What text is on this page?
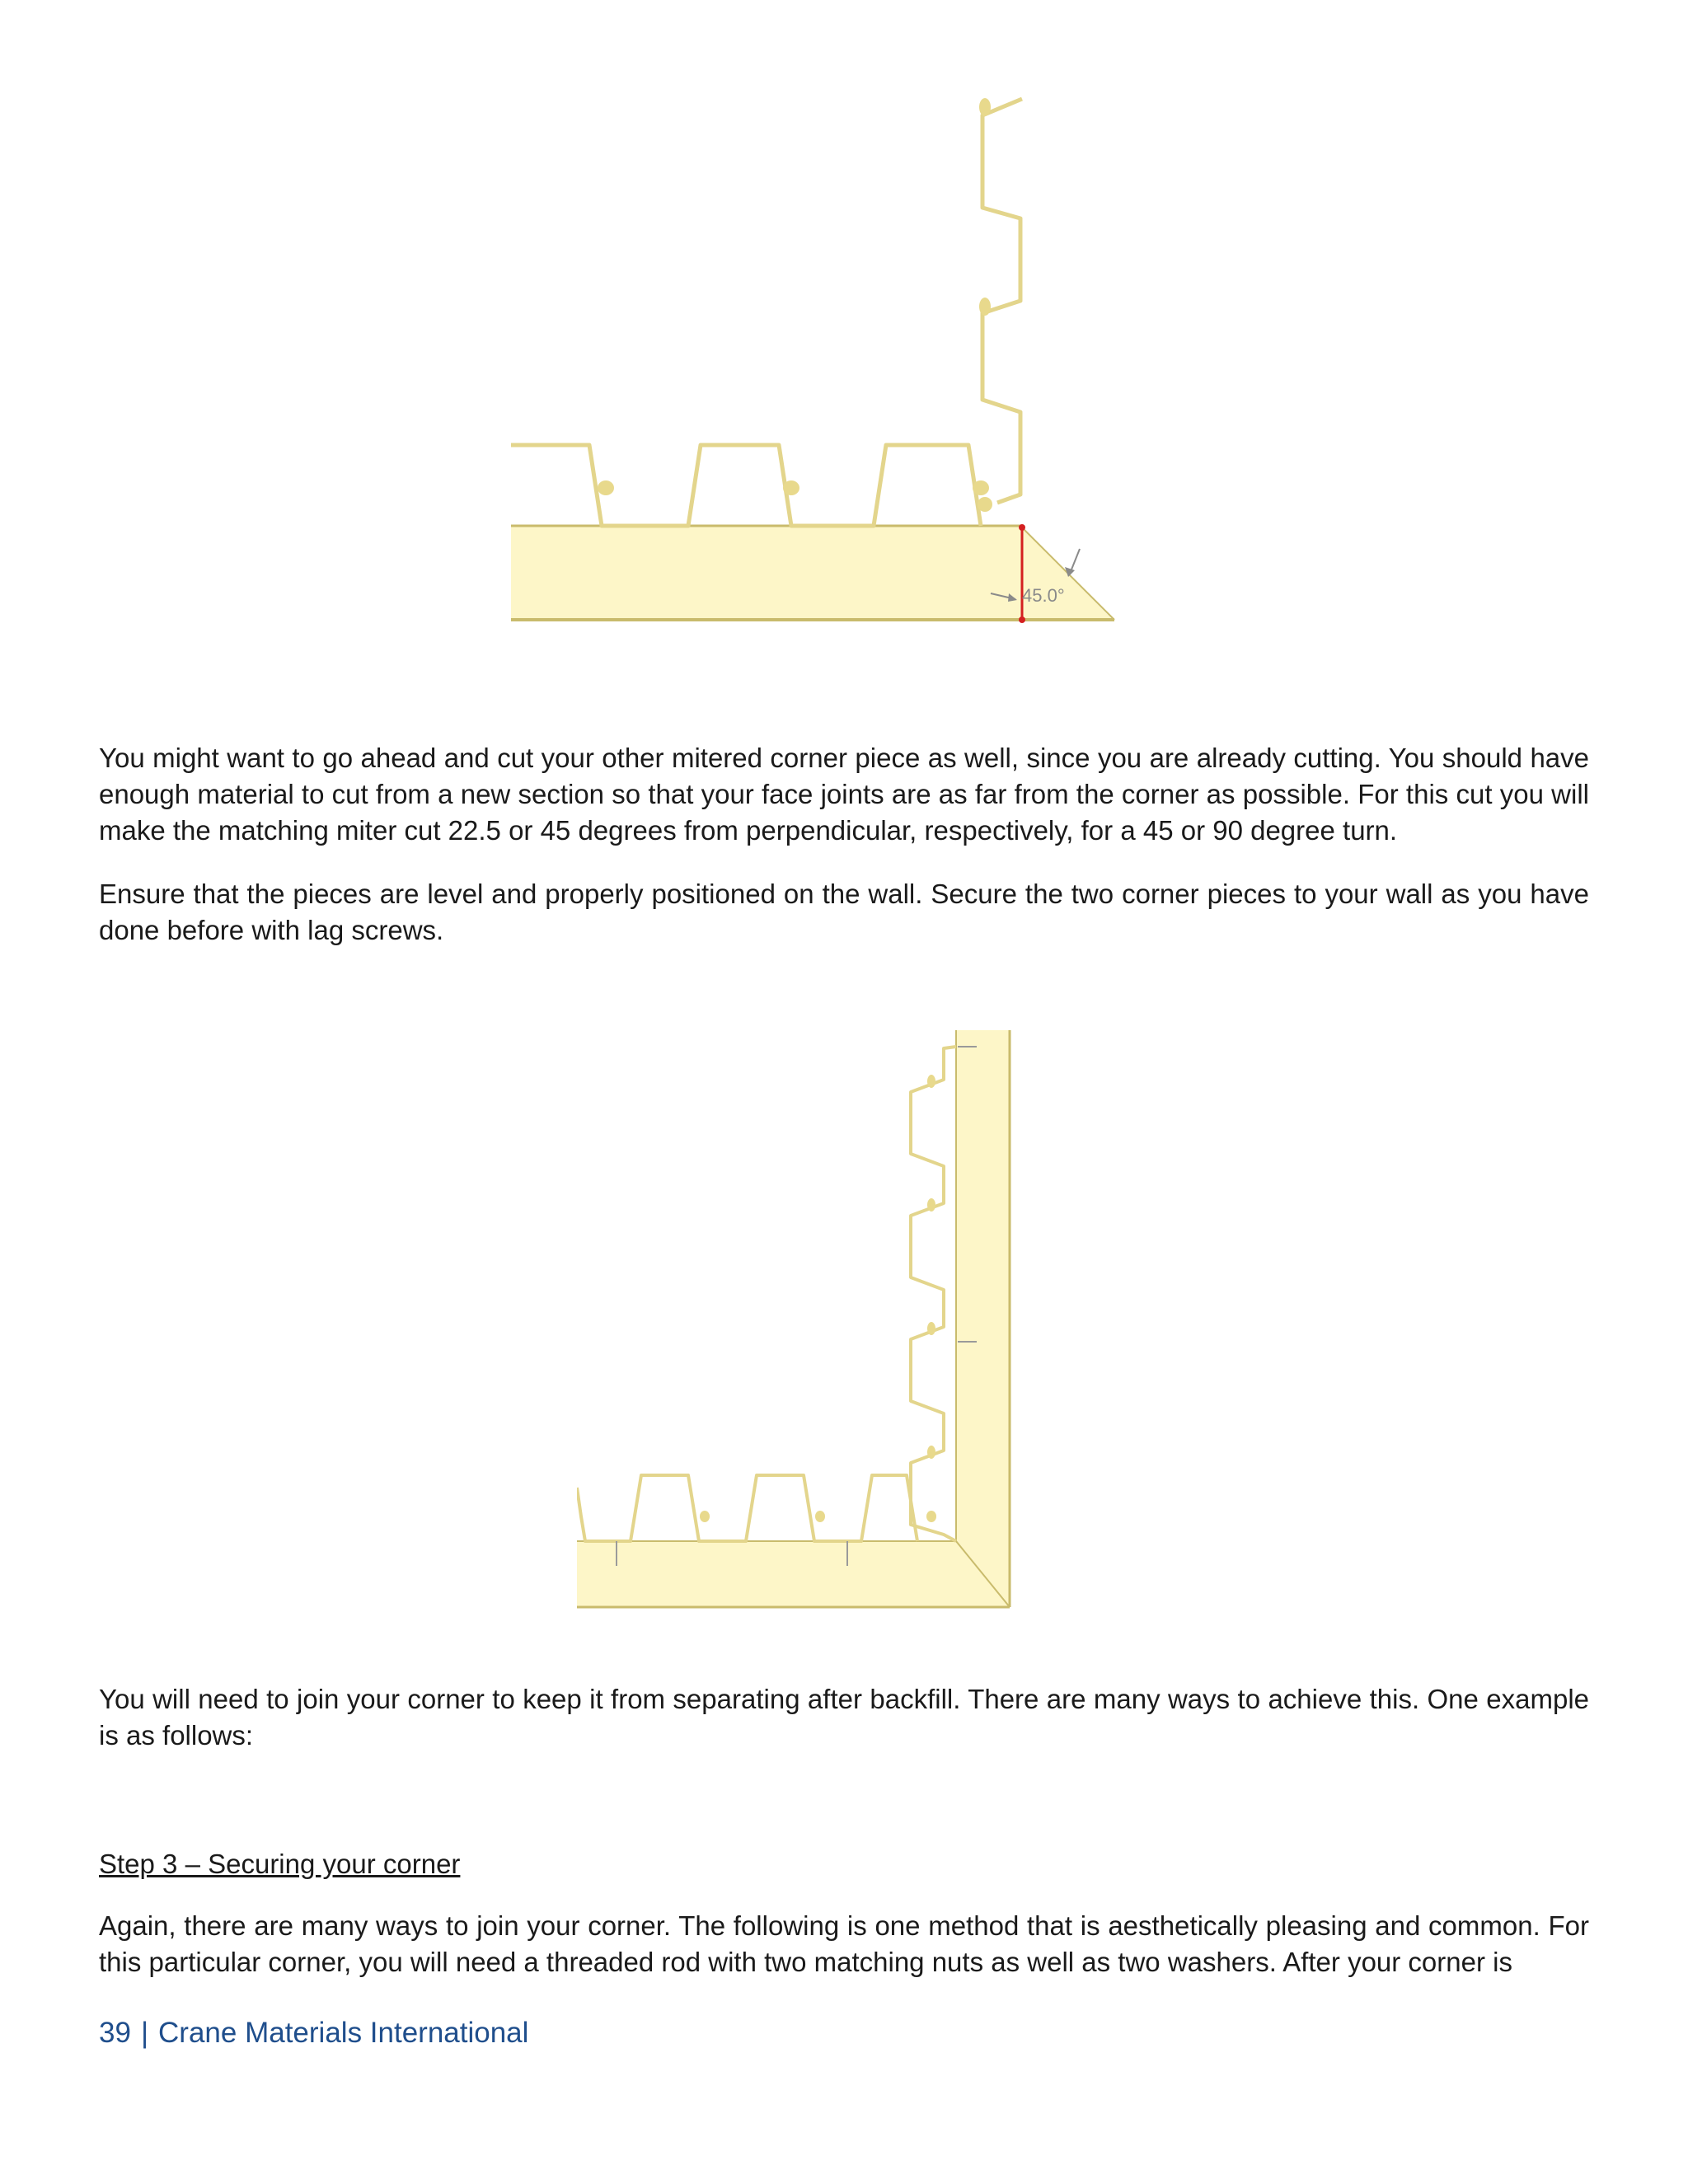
45.0°

You might want to go ahead and cut your other mitered corner piece as well, since you are already cutting. You should have enough material to cut from a new section so that your face joints are as far from the corner as possible. For this cut you will make the matching miter cut 22.5 or 45 degrees from perpendicular, respectively, for a 45 or 90 degree turn.

Ensure that the pieces are level and properly positioned on the wall. Secure the two corner pieces to your wall as you have done before with lag screws.

You will need to join your corner to keep it from separating after backfill. There are many ways to achieve this. One example is as follows:

Step 3 – Securing your corner

Again, there are many ways to join your corner. The following is one method that is aesthetically pleasing and common. For this particular corner, you will need a threaded rod with two matching nuts as well as two washers. After your corner is

39 | Crane Materials International
